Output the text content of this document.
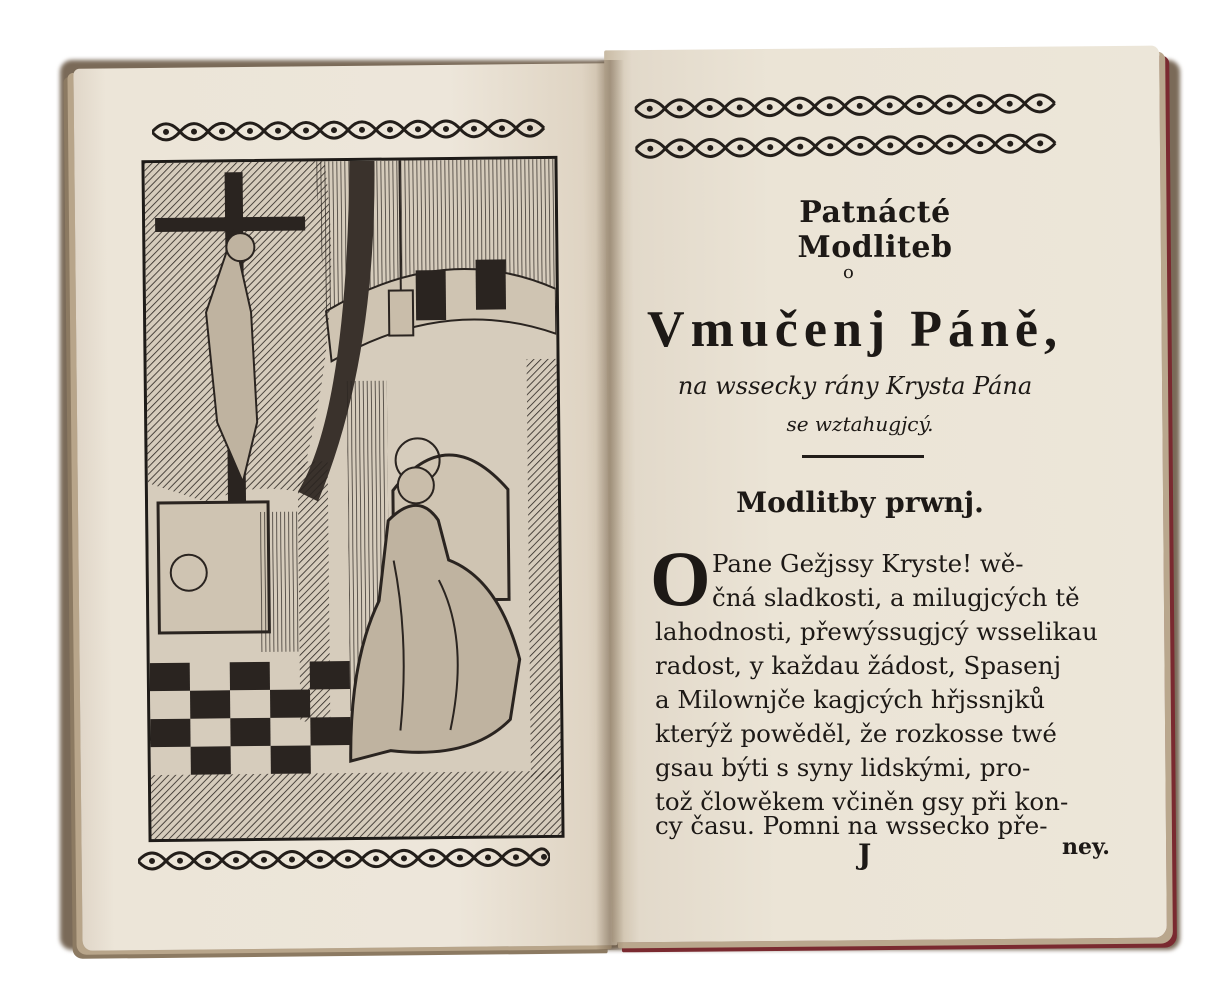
Patnácté Modliteb
o
Vmučenj Páně,
na wssecky rány Krysta Pána
se wztahugjcý.
Modlitby prwnj.
O Pane Gežjssy Kryste! wě-
čná sladkosti, a milugjcých tě
lahodnosti, přewýssugjcý wsselikau
radost, y každau žádost, Spasenj
a Milownjče kagjcých hřjssnjků
kterýž powěděl, že rozkosse twé
gsau býti s syny lidskými, pro-
tož člowěkem včiněn gsy při kon-
cy času. Pomni na wssecko pře-
J	ney.
